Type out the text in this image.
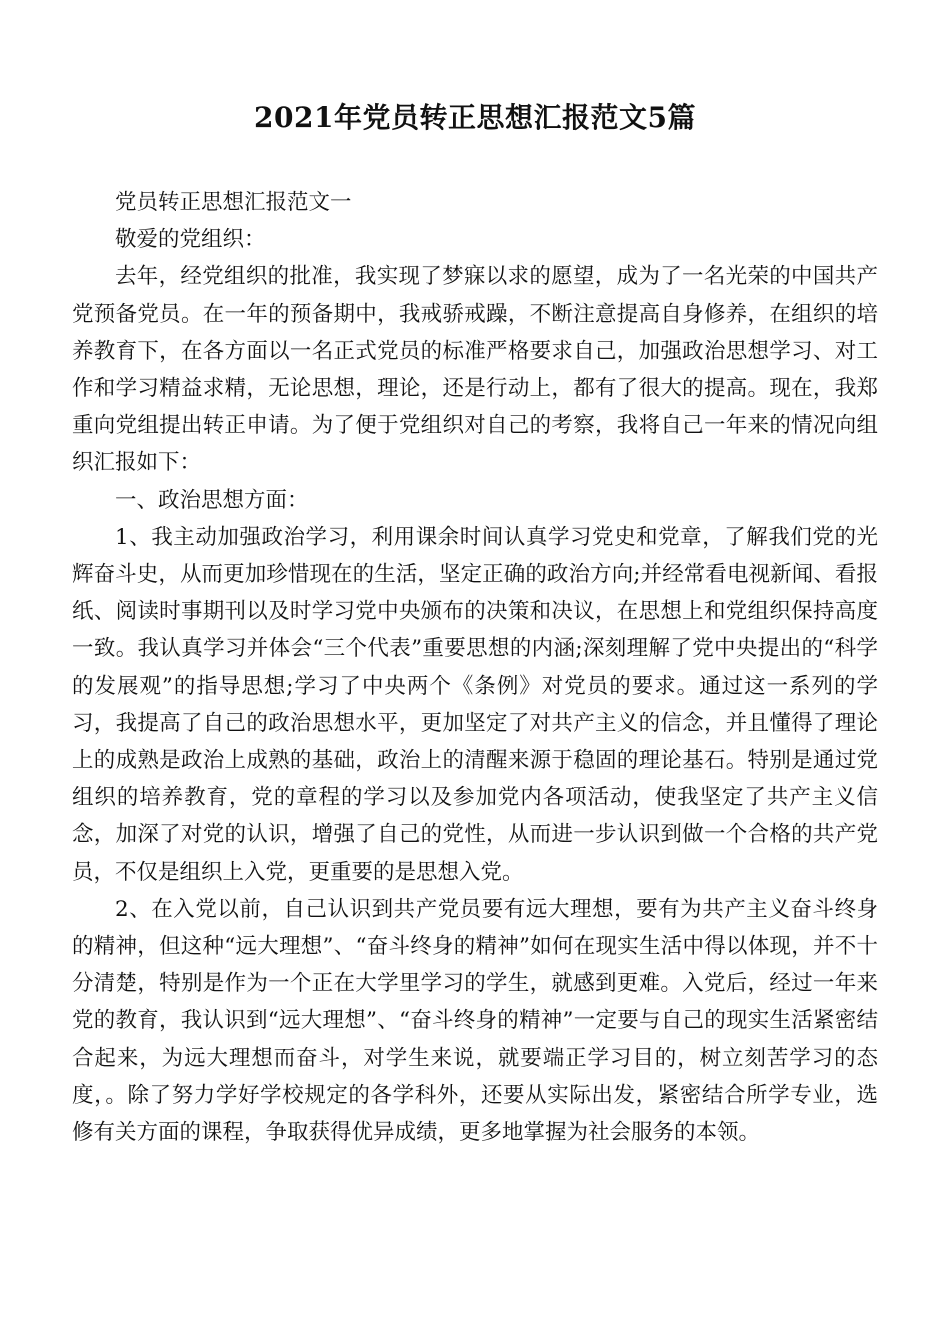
2021年党员转正思想汇报范文5篇

党员转正思想汇报范文一

敬爱的党组织：

去年，经党组织的批准，我实现了梦寐以求的愿望，成为了一名光荣的中国共产党预备党员。在一年的预备期中，我戒骄戒躁，不断注意提高自身修养，在组织的培养教育下，在各方面以一名正式党员的标准严格要求自己，加强政治思想学习、对工作和学习精益求精，无论思想，理论，还是行动上，都有了很大的提高。现在，我郑重向党组提出转正申请。为了便于党组织对自己的考察，我将自己一年来的情况向组织汇报如下：

一、政治思想方面：

1、我主动加强政治学习，利用课余时间认真学习党史和党章，了解我们党的光辉奋斗史，从而更加珍惜现在的生活，坚定正确的政治方向;并经常看电视新闻、看报纸、阅读时事期刊以及时学习党中央颁布的决策和决议，在思想上和党组织保持高度一致。我认真学习并体会“三个代表”重要思想的内涵;深刻理解了党中央提出的“科学的发展观”的指导思想;学习了中央两个《条例》对党员的要求。通过这一系列的学习，我提高了自己的政治思想水平，更加坚定了对共产主义的信念，并且懂得了理论上的成熟是政治上成熟的基础，政治上的清醒来源于稳固的理论基石。特别是通过党组织的培养教育，党的章程的学习以及参加党内各项活动，使我坚定了共产主义信念，加深了对党的认识，增强了自己的党性，从而进一步认识到做一个合格的共产党员，不仅是组织上入党，更重要的是思想入党。

2、在入党以前，自己认识到共产党员要有远大理想，要有为共产主义奋斗终身的精神，但这种“远大理想”、“奋斗终身的精神”如何在现实生活中得以体现，并不十分清楚，特别是作为一个正在大学里学习的学生，就感到更难。入党后，经过一年来党的教育，我认识到“远大理想”、“奋斗终身的精神”一定要与自己的现实生活紧密结合起来，为远大理想而奋斗，对学生来说，就要端正学习目的，树立刻苦学习的态度，。除了努力学好学校规定的各学科外，还要从实际出发，紧密结合所学专业，选修有关方面的课程，争取获得优异成绩，更多地掌握为社会服务的本领。
